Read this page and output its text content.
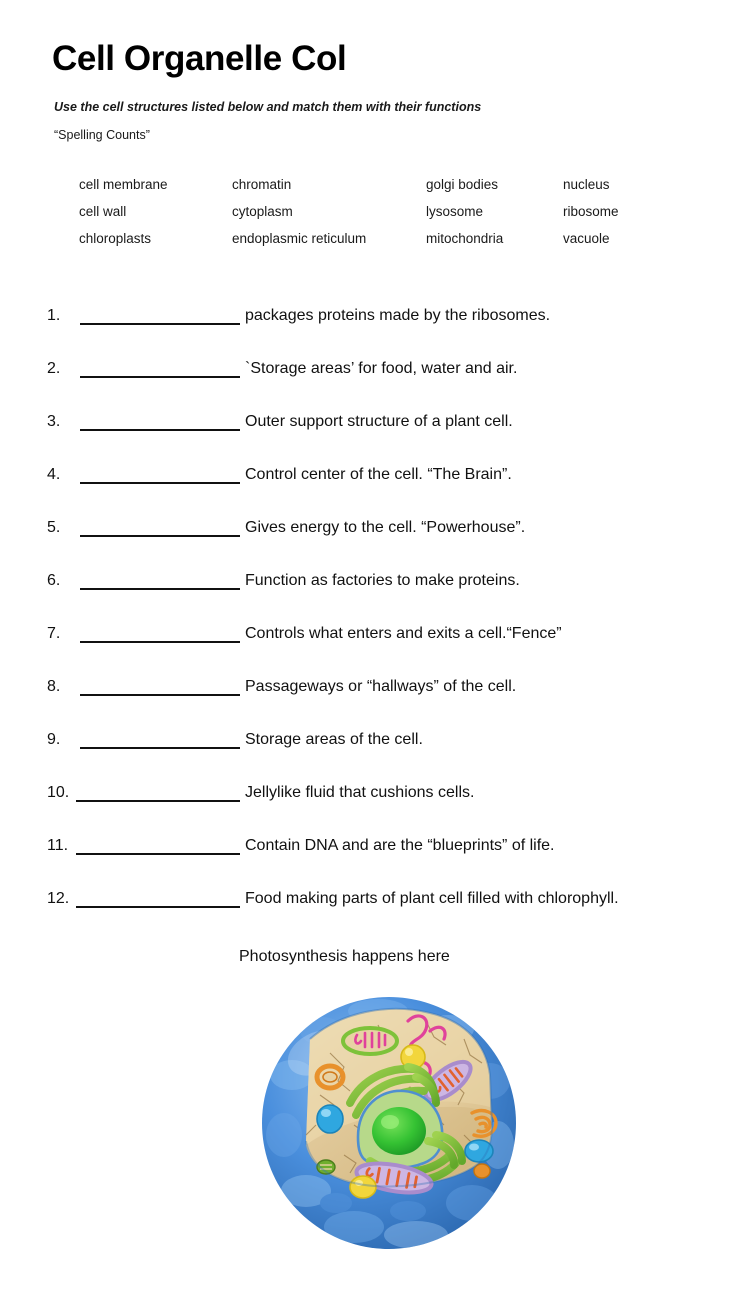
Cell Organelle Col
Use the cell structures listed below and match them with their functions
“Spelling Counts”
cell membrane	chromatin	golgi bodies	nucleus
cell wall	cytoplasm	lysosome	ribosome
chloroplasts	endoplasmic reticulum	mitochondria	vacuole
1.	packages proteins made by the ribosomes.
2.	`Storage areas’ for food, water and air.
3.	Outer support structure of a plant cell.
4.	Control center of the cell. “The Brain”.
5.	Gives energy to the cell. “Powerhouse”.
6.	Function as factories to make proteins.
7.	Controls what enters and exits a cell.“Fence”
8.	Passageways or “hallways” of the cell.
9.	Storage areas of the cell.
10.	Jellylike fluid that cushions cells.
11.	Contain DNA and are the “blueprints” of life.
12.	Food making parts of plant cell filled with chlorophyll.
Photosynthesis happens here
